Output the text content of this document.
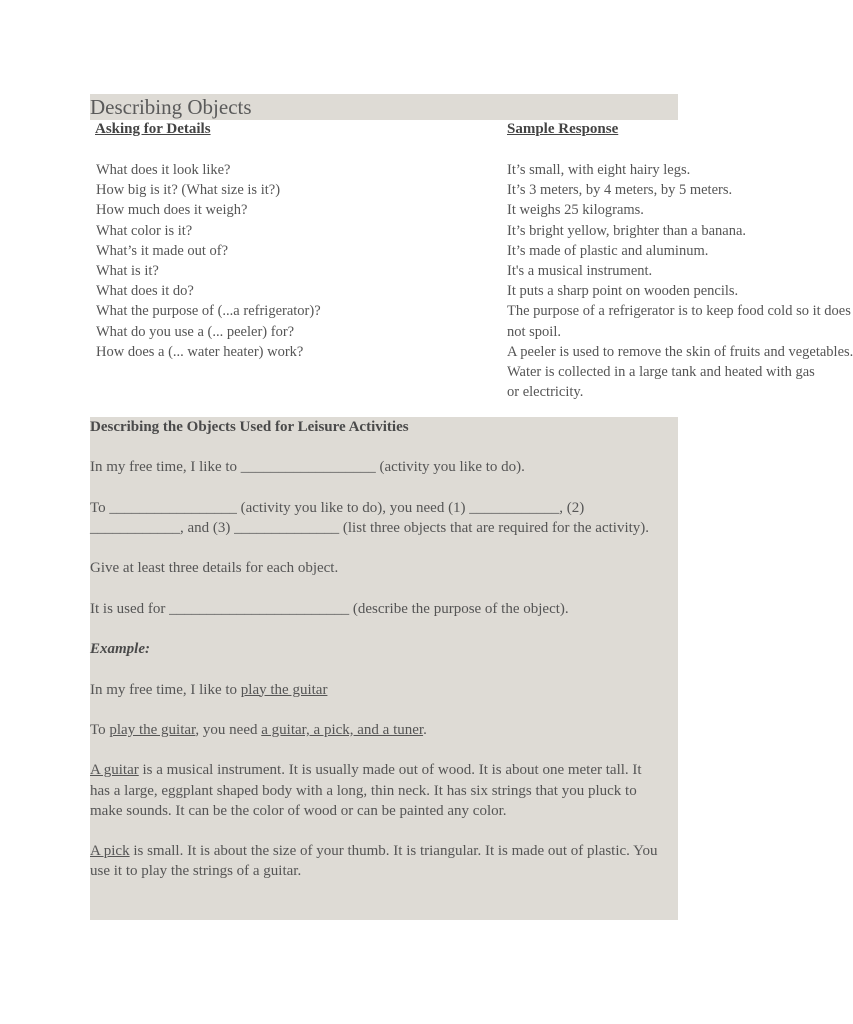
Describing Objects
Asking for Details	Sample Response
What does it look like?
How big is it? (What size is it?)
How much does it weigh?
What color is it?
What’s it made out of?
What is it?
What does it do?
What the purpose of (...a refrigerator)?
What do you use a (... peeler) for?
How does a (... water heater) work?
It’s small, with eight hairy legs.
It’s 3 meters, by 4 meters, by 5 meters.
It weighs 25 kilograms.
It’s bright yellow, brighter than a banana.
It’s made of plastic and aluminum.
It's a musical instrument.
It puts a sharp point on wooden pencils.
The purpose of a refrigerator is to keep food cold so it does
not spoil.
A peeler is used to remove the skin of fruits and vegetables.
Water is collected in a large tank and heated with gas
or electricity.

Describing the Objects Used for Leisure Activities

In my free time, I like to __________________ (activity you like to do).

To _________________ (activity you like to do), you need (1) ____________, (2) ____________, and (3) ______________ (list three objects that are required for the activity).

Give at least three details for each object.

It is used for ________________________ (describe the purpose of the object).

Example:

In my free time, I like to play the guitar

To play the guitar, you need a guitar, a pick, and a tuner.

A guitar is a musical instrument. It is usually made out of wood. It is about one meter tall. It has a large, eggplant shaped body with a long, thin neck. It has six strings that you pluck to make sounds. It can be the color of wood or can be painted any color.

A pick is small. It is about the size of your thumb. It is triangular. It is made out of plastic. You use it to play the strings of a guitar.
